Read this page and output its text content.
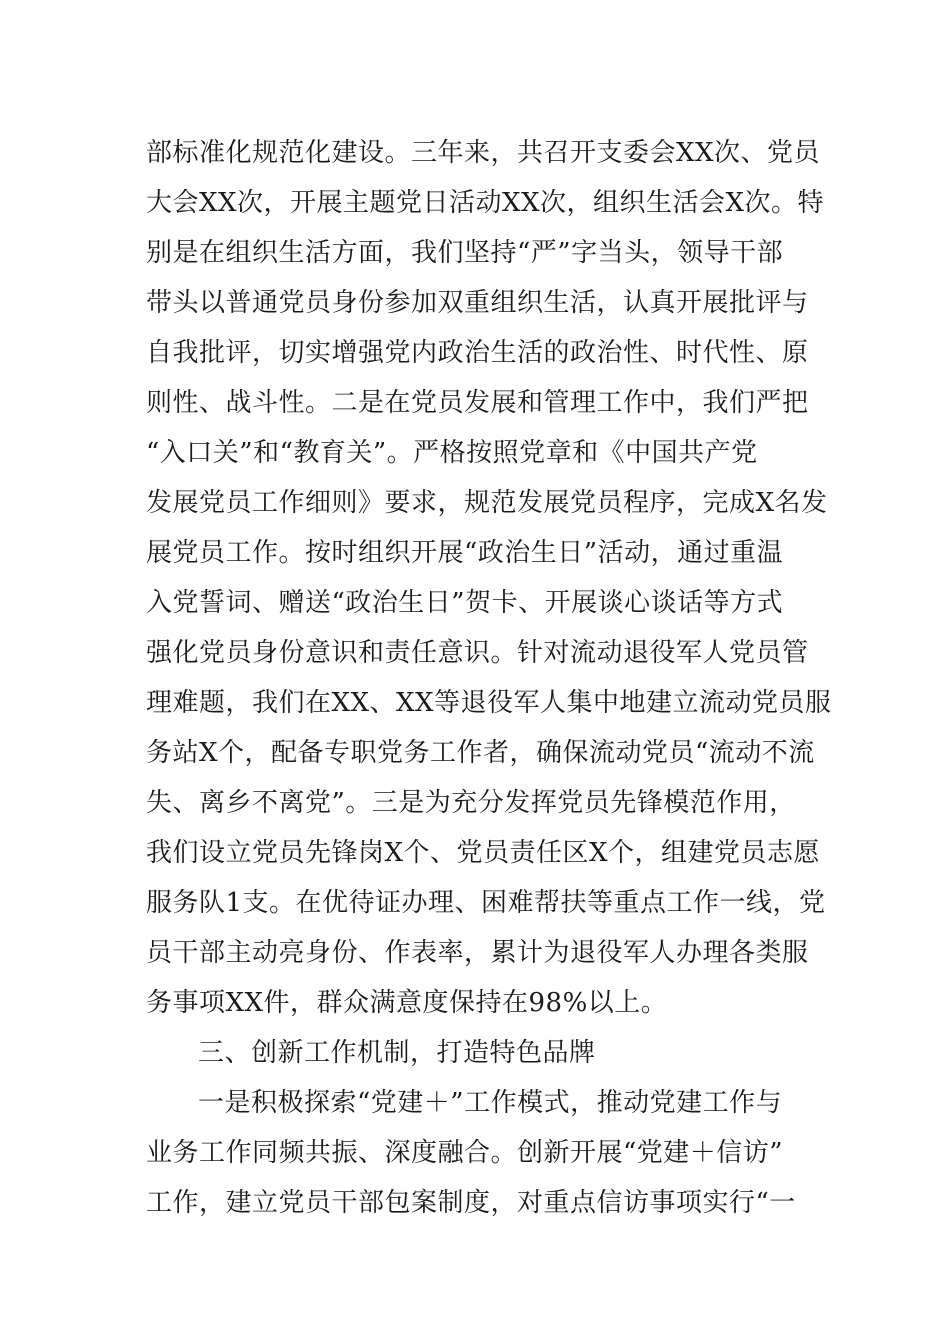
部标准化规范化建设。三年来，共召开支委会XX次、党员
大会XX次，开展主题党日活动XX次，组织生活会X次。特
别是在组织生活方面，我们坚持“严”字当头，领导干部
带头以普通党员身份参加双重组织生活，认真开展批评与
自我批评，切实增强党内政治生活的政治性、时代性、原
则性、战斗性。二是在党员发展和管理工作中，我们严把
“入口关”和“教育关”。严格按照党章和《中国共产党
发展党员工作细则》要求，规范发展党员程序，完成X名发
展党员工作。按时组织开展“政治生日”活动，通过重温
入党誓词、赠送“政治生日”贺卡、开展谈心谈话等方式
强化党员身份意识和责任意识。针对流动退役军人党员管
理难题，我们在XX、XX等退役军人集中地建立流动党员服
务站X个，配备专职党务工作者，确保流动党员“流动不流
失、离乡不离党”。三是为充分发挥党员先锋模范作用，
我们设立党员先锋岗X个、党员责任区X个，组建党员志愿
服务队1支。在优待证办理、困难帮扶等重点工作一线，党
员干部主动亮身份、作表率，累计为退役军人办理各类服
务事项XX件，群众满意度保持在98%以上。
三、创新工作机制，打造特色品牌
一是积极探索“党建＋”工作模式，推动党建工作与
业务工作同频共振、深度融合。创新开展“党建＋信访”
工作，建立党员干部包案制度，对重点信访事项实行“一
